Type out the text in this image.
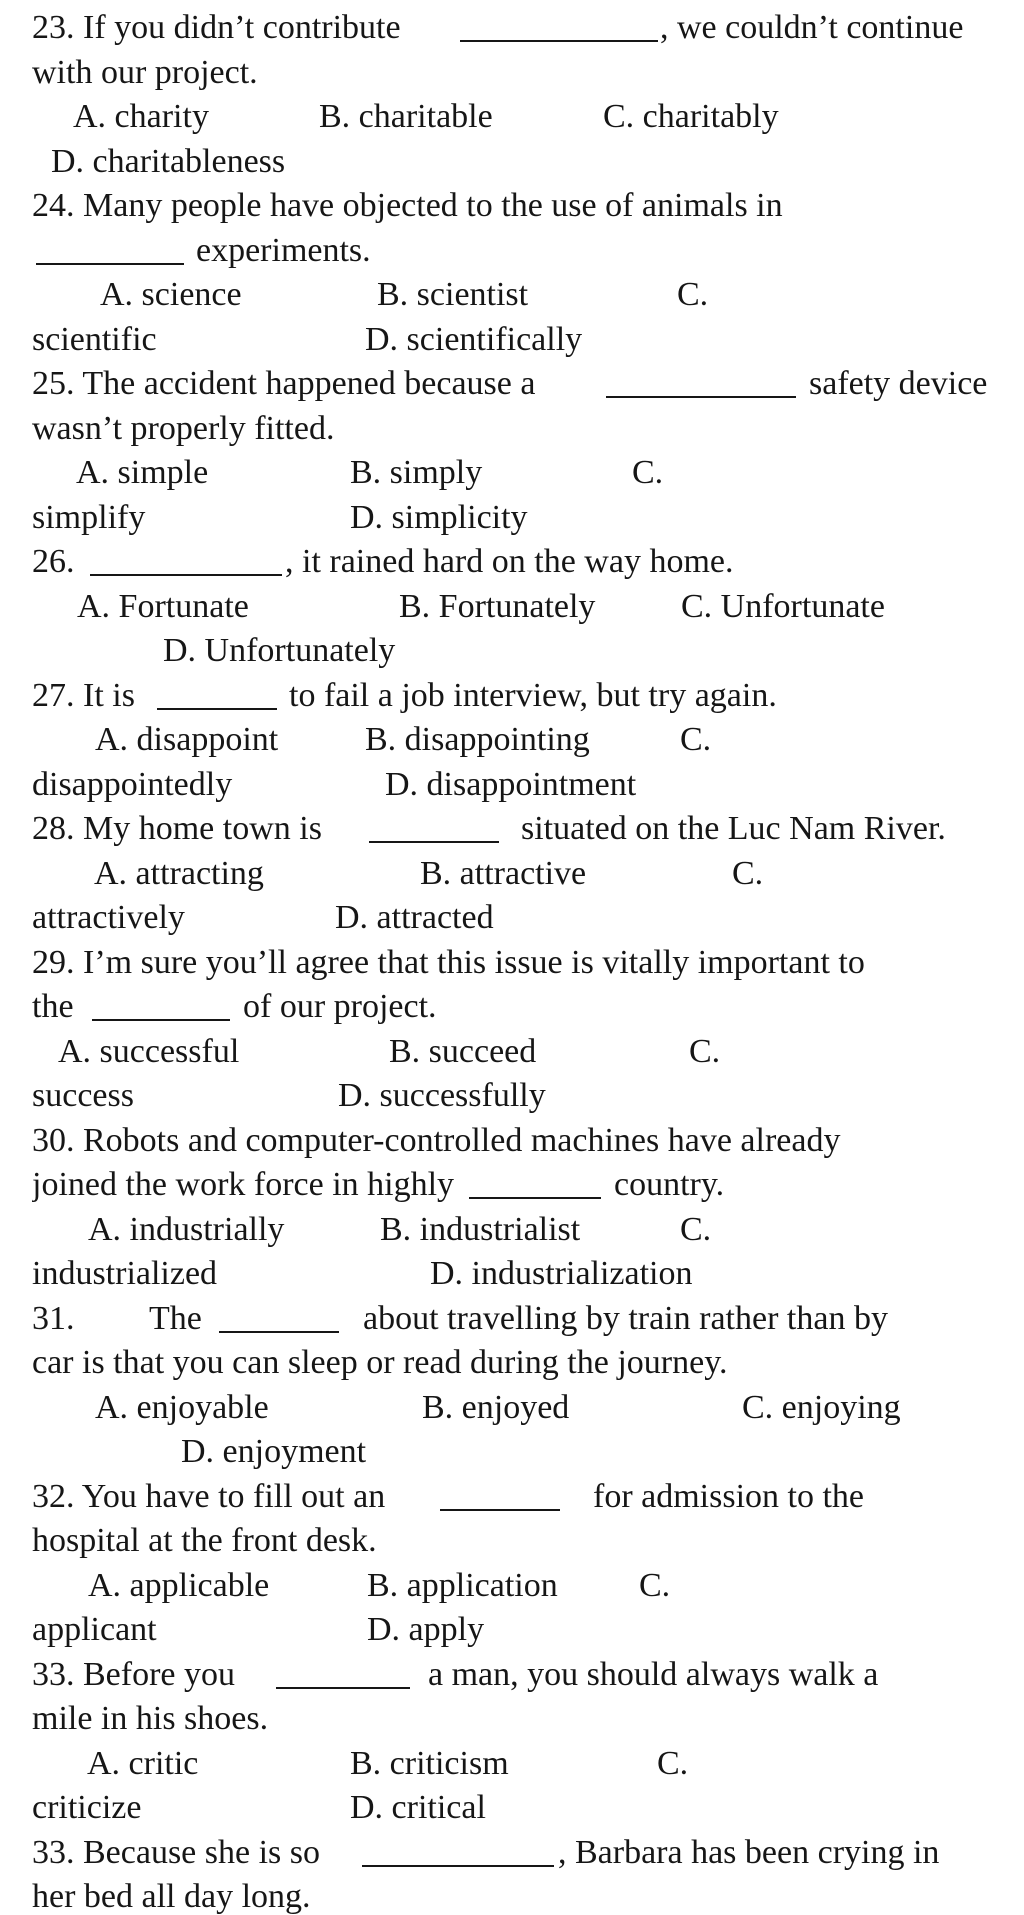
23. If you didn’t contribute	, we couldn’t continue
with our project.
A. charity	B. charitable	C. charitably
D. charitableness
24. Many people have objected to the use of animals in
experiments.
A. science	B. scientist	C.
scientific	D. scientifically
25. The accident happened because a	safety device
wasn’t properly fitted.
A. simple	B. simply	C.
simplify	D. simplicity
26.	, it rained hard on the way home.
A. Fortunate	B. Fortunately	C. Unfortunate
D. Unfortunately
27. It is	to fail a job interview, but try again.
A. disappoint	B. disappointing	C.
disappointedly	D. disappointment
28. My home town is	situated on the Luc Nam River.
A. attracting	B. attractive	C.
attractively	D. attracted
29. I’m sure you’ll agree that this issue is vitally important to
the	of our project.
A. successful	B. succeed	C.
success	D. successfully
30. Robots and computer-controlled machines have already
joined the work force in highly	country.
A. industrially	B. industrialist	C.
industrialized	D. industrialization
31. The	about travelling by train rather than by
car is that you can sleep or read during the journey.
A. enjoyable	B. enjoyed	C. enjoying
D. enjoyment
32. You have to fill out an	for admission to the
hospital at the front desk.
A. applicable	B. application C.
applicant	D. apply
33. Before you	a man, you should always walk a
mile in his shoes.
A. critic	B. criticism	C.
criticize	D. critical
33. Because she is so	, Barbara has been crying in
her bed all day long.
